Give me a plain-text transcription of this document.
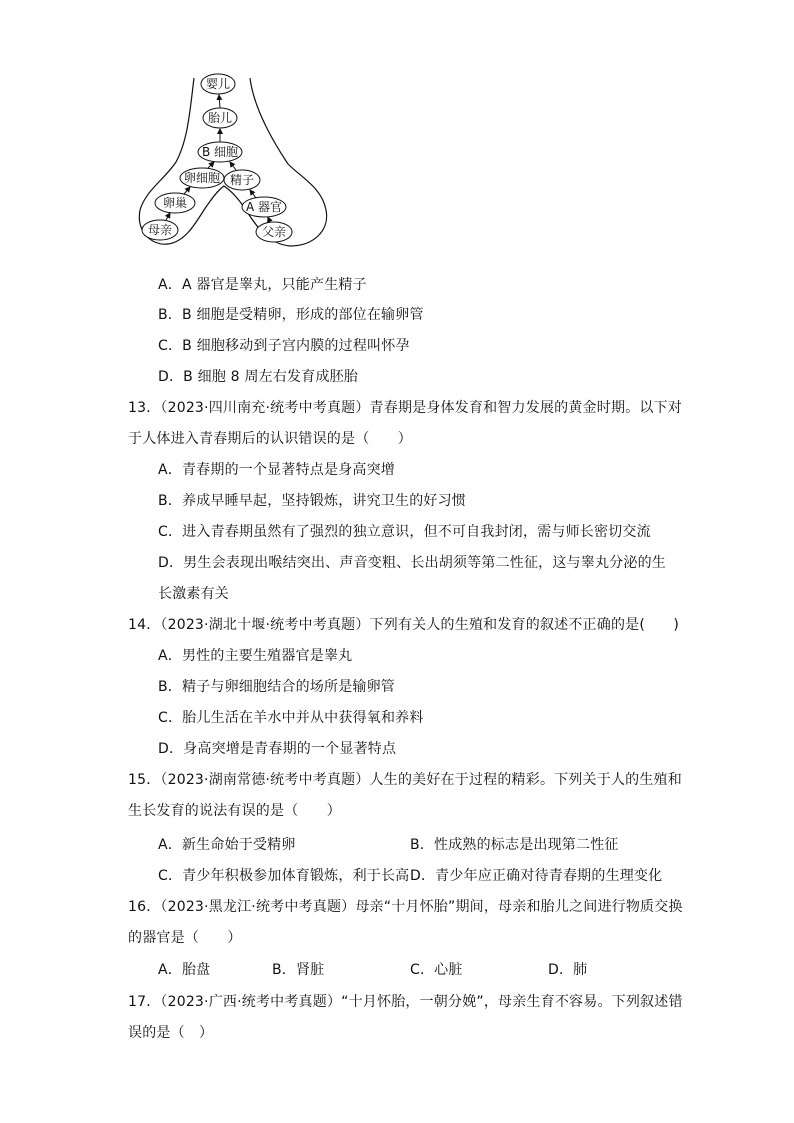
婴儿
胎儿
B 细胞
卵细胞 精子
卵巢	A 器官
母亲	父亲
A．A 器官是睾丸，只能产生精子
B．B 细胞是受精卵，形成的部位在输卵管
C．B 细胞移动到子宫内膜的过程叫怀孕
D．B 细胞 8 周左右发育成胚胎
13．（2023·四川南充·统考中考真题）青春期是身体发育和智力发展的黄金时期。以下对
于人体进入青春期后的认识错误的是（　　）
A．青春期的一个显著特点是身高突增
B．养成早睡早起，坚持锻炼，讲究卫生的好习惯
C．进入青春期虽然有了强烈的独立意识，但不可自我封闭，需与师长密切交流
D．男生会表现出喉结突出、声音变粗、长出胡须等第二性征，这与睾丸分泌的生
长激素有关
14．（2023·湖北十堰·统考中考真题）下列有关人的生殖和发育的叙述不正确的是(　　)
A．男性的主要生殖器官是睾丸
B．精子与卵细胞结合的场所是输卵管
C．胎儿生活在羊水中并从中获得氧和养料
D．身高突增是青春期的一个显著特点
15．（2023·湖南常德·统考中考真题）人生的美好在于过程的精彩。下列关于人的生殖和
生长发育的说法有误的是（　　）
A．新生命始于受精卵	B．性成熟的标志是出现第二性征
C．青少年积极参加体育锻炼，利于长高 D．青少年应正确对待青春期的生理变化
16．（2023·黑龙江·统考中考真题）母亲“十月怀胎”期间，母亲和胎儿之间进行物质交换
的器官是（　　）
A．胎盘	B．肾脏	C．心脏	D．肺
17．（2023·广西·统考中考真题）“十月怀胎，一朝分娩”，母亲生育不容易。下列叙述错
误的是（　）
